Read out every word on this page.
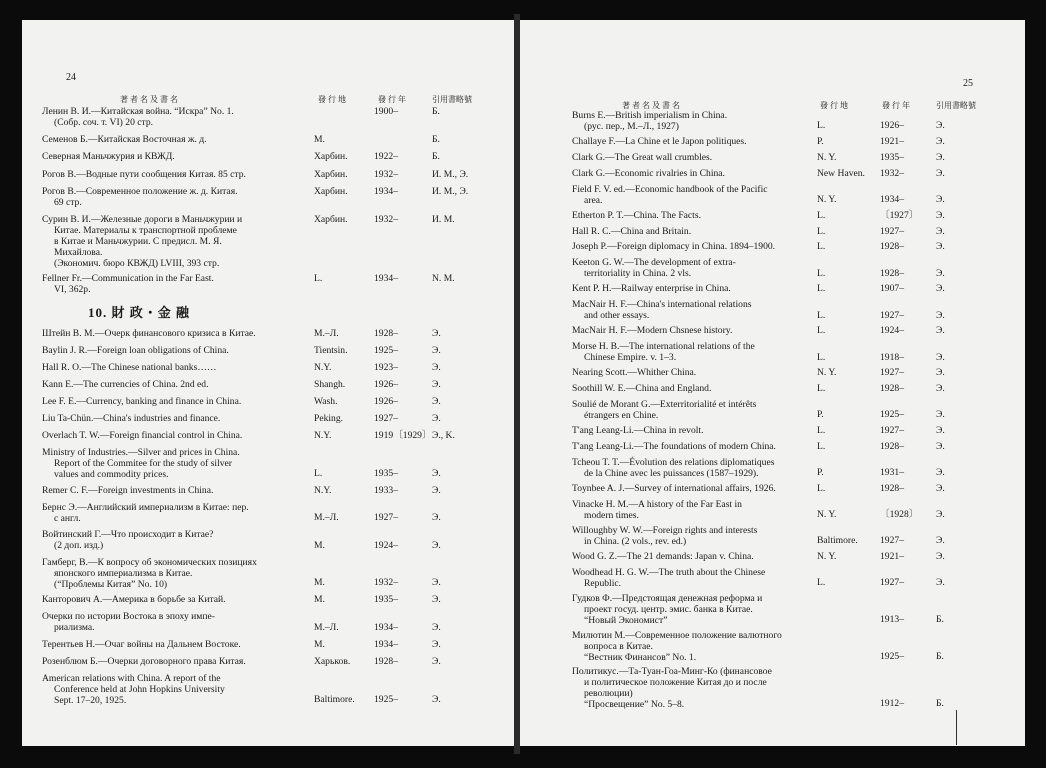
24
著 者 名 及 書 名	發 行 地	發 行 年	引用書略號
Ленин В. И.—Китайская война. “Искра” No. 1.
(Собр. соч. т. VI) 20 стр.
1900–	Б.
Семенов Б.—Китайская Восточная ж. д.	М.	Б.
Северная Маньчжурия и КВЖД.	Харбин.	1922–	Б.
Рогов В.—Водные пути сообщения Китая. 85 стр.	Харбин.	1932–	И. М., Э.
Рогов В.—Современное положение ж. д. Китая.
69 стр.
Харбин.	1934–	И. М., Э.
Сурин В. И.—Железные дороги в Маньчжурии и
Китае. Материалы к транспортной проблеме
в Китае и Маньчжурии. С предисл. М. Я.
Михайлова.
(Экономич. бюро КВЖД) LVIII, 393 стр.
Харбин.	1932–	И. М.
Fellner Fr.—Communication in the Far East.
VI, 362p.
L.	1934–	N. M.
10. 財 政・金 融
Штейн В. М.—Очерк финансового кризиса в Китае.	М.–Л.	1928–	Э.
Baylin J. R.—Foreign loan obligations of China.	Tientsin.	1925–	Э.
Hall R. O.—The Chinese national banks……	N.Y.	1923–	Э.
Kann E.—The currencies of China. 2nd ed.	Shangh.	1926–	Э.
Lee F. E.—Currency, banking and finance in China.	Wash.	1926–	Э.
Liu Ta-Chün.—China's industries and finance.	Peking.	1927–	Э.
Overlach T. W.—Foreign financial control in China.	N.Y.	1919〔1929〕 Э., K.
Ministry of Industries.—Silver and prices in China.
Report of the Commitee for the study of silver
values and commodity prices.	L.	1935–	Э.
Remer C. F.—Foreign investments in China.	N.Y.	1933–	Э.
Бернс Э.—Английский империализм в Китае: пер.
с англ.	М.–Л.	1927–	Э.
Войтинский Г.—Что происходит в Китае?
(2 доп. изд.)	М.	1924–	Э.
Гамберг, В.—К вопросу об экономических позициях
японского империализма в Китае.
(“Проблемы Китая” No. 10)	М.	1932–	Э.
Канторович А.—Америка в борьбе за Китай.	М.	1935–	Э.
Очерки по истории Востока в эпоху импе-
риализма.	М.–Л.	1934–	Э.
Терентьев Н.—Очаг войны на Дальнем Востоке.	М.	1934–	Э.
Розенблюм Б.—Очерки договорного права Китая.	Харьков. 1928–	Э.
American relations with China. A report of the
Conference held at John Hopkins University
Sept. 17–20, 1925.	Baltimore. 1925–	Э.
25
著 者 名 及 書 名	發 行 地	發 行 年	引用書略號
Burns E.—British imperialism in China.
(рус. пер., М.–Л., 1927)	L.	1926–	Э.
Challaye F.—La Chine et le Japon politiques.	P.	1921–	Э.
Clark G.—The Great wall crumbles.	N. Y.	1935–	Э.
Clark G.—Economic rivalries in China.	New Haven. 1932–	Э.
Field F. V. ed.—Economic handbook of the Pacific
area.	N. Y.	1934–	Э.
Etherton P. T.—China. The Facts.	L.	〔1927〕 Э.
Hall R. C.—China and Britain.	L.	1927–	Э.
Joseph P.—Foreign diplomacy in China. 1894–1900.	L.	1928–	Э.
Keeton G. W.—The development of extra-
territoriality in China. 2 vls.	L.	1928–	Э.
Kent P. H.—Railway enterprise in China.	L.	1907–	Э.
MacNair H. F.—China's international relations
and other essays.	L.	1927–	Э.
MacNair H. F.—Modern Chsnese history.	L.	1924–	Э.
Morse H. B.—The international relations of the
Chinese Empire. v. 1–3.	L.	1918–	Э.
Nearing Scott.—Whither China.	N. Y.	1927–	Э.
Soothill W. E.—China and England.	L.	1928–	Э.
Soulié de Morant G.—Exterritorialité et intérêts
étrangers en Chine.	P.	1925–	Э.
T'ang Leang-Li.—China in revolt.	L.	1927–	Э.
T'ang Leang-Li.—The foundations of modern China.	L.	1928–	Э.
Tcheou T. T.—Évolution des relations diplomatiques
de la Chine avec les puissances (1587–1929).	P.	1931–	Э.
Toynbee A. J.—Survey of international affairs, 1926.	L.	1928–	Э.
Vinacke H. M.—A history of the Far East in
modern times.	N. Y.	〔1928〕 Э.
Willoughby W. W.—Foreign rights and interests
in China. (2 vols., rev. ed.)	Baltimore. 1927–	Э.
Wood G. Z.—The 21 demands: Japan v. China.	N. Y.	1921–	Э.
Woodhead H. G. W.—The truth about the Chinese
Republic.	L.	1927–	Э.
Гудков Ф.—Предстоящая денежная реформа и
проект госуд. центр. эмис. банка в Китае.
“Новый Экономист”	1913–	Б.
Милютин М.—Современное положение валютного
вопроса в Китае.
“Вестник Финансов” No. 1.	1925–	Б.
Политикус.—Та-Туан-Гоа-Минг-Ко (финансовое
и политическое положение Китая до и после
революции)
“Просвещение” No. 5–8.	1912–	Б.
